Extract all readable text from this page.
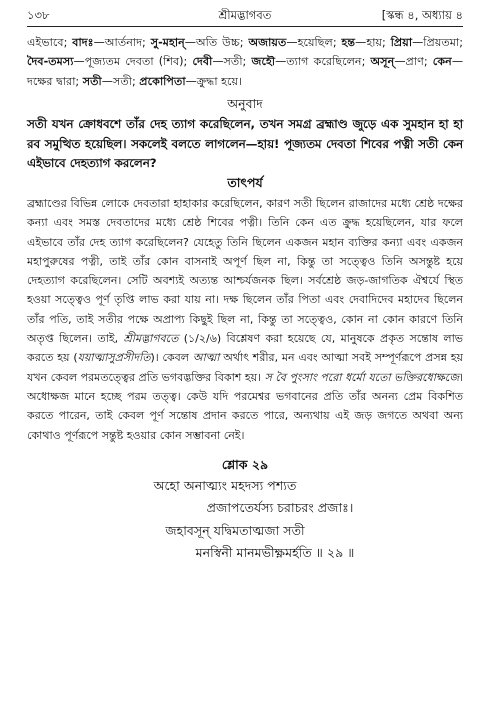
১৩৮	শ্রীমদ্ভাগবত	[স্কন্ধ ৪, অধ্যায় ৪
এইভাবে; বাদঃ—আর্তনাদ; সু-মহান্—অতি উচ্চ; অজায়ত—হয়েছিল; হন্ত—হায়; প্রিয়া—প্রিয়তমা; দৈব-তমস্য—পূজ্যতম দেবতা (শিব); দেবী—সতী; জহৌ—ত্যাগ করেছিলেন; অসূন্—প্রাণ; কেন—দক্ষের দ্বারা; সতী—সতী; প্রকোপিতা—ক্রুদ্ধা হয়ে।
অনুবাদ
সতী যখন ক্রোধবশে তাঁর দেহ ত্যাগ করেছিলেন, তখন সমগ্র ব্রহ্মাণ্ড জুড়ে এক সুমহান হা হা রব সমুত্থিত হয়েছিল। সকলেই বলতে লাগলেন—হায়! পূজ্যতম দেবতা শিবের পত্নী সতী কেন এইভাবে দেহত্যাগ করলেন?
তাৎপর্য
ব্রহ্মাণ্ডের বিভিন্ন লোকে দেবতারা হাহাকার করেছিলেন, কারণ সতী ছিলেন রাজাদের মধ্যে শ্রেষ্ঠ দক্ষের কন্যা এবং সমস্ত দেবতাদের মধ্যে শ্রেষ্ঠ শিবের পত্নী। তিনি কেন এত ক্রুদ্ধ হয়েছিলেন, যার ফলে এইভাবে তাঁর দেহ ত্যাগ করেছিলেন? যেহেতু তিনি ছিলেন একজন মহান ব্যক্তির কন্যা এবং একজন মহাপুরুষের পত্নী, তাই তাঁর কোন বাসনাই অপূর্ণ ছিল না, কিন্তু তা সত্ত্বেও তিনি অসন্তুষ্ট হয়ে দেহত্যাগ করেছিলেন। সেটি অবশ্যই অত্যন্ত আশ্চর্যজনক ছিল। সর্বশ্রেষ্ঠ জড়-জাগতিক ঐশ্বর্যে স্থিত হওয়া সত্ত্বেও পূর্ণ তৃপ্তি লাভ করা যায় না। দক্ষ ছিলেন তাঁর পিতা এবং দেবাদিদেব মহাদেব ছিলেন তাঁর পতি, তাই সতীর পক্ষে অপ্রাপ্য কিছুই ছিল না, কিন্তু তা সত্ত্বেও, কোন না কোন কারণে তিনি অতৃপ্ত ছিলেন। তাই, শ্রীমদ্ভাগবতে (১/২/৬) বিশ্লেষণ করা হয়েছে যে, মানুষকে প্রকৃত সন্তোষ লাভ করতে হয় (যয়াত্মাসুপ্রসীদতি)। কেবল আত্মা অর্থাৎ শরীর, মন এবং আত্মা সবই সম্পূর্ণরূপে প্রসন্ন হয় যখন কেবল পরমতত্ত্বের প্রতি ভগবদ্ভক্তির বিকাশ হয়। স বৈ পুংসাং পরো ধর্মো যতো ভক্তিরধোক্ষজে। অধোক্ষজ মানে হচ্ছে পরম তত্ত্ব। কেউ যদি পরমেশ্বর ভগবানের প্রতি তাঁর অনন্য প্রেম বিকশিত করতে পারেন, তাই কেবল পূর্ণ সন্তোষ প্রদান করতে পারে, অন্যথায় এই জড় জগতে অথবা অন্য কোথাও পূর্ণরূপে সন্তুষ্ট হওয়ার কোন সম্ভাবনা নেই।
শ্লোক ২৯
অহো অনাত্ম্যং মহদস্য পশ্যত
প্রজাপতের্যস্য চরাচরং প্রজাঃ।
জহাবসূন্ যদ্বিমতাত্মজা সতী
মনস্বিনী মানমভীক্ষ্ণমর্হতি ॥ ২৯ ॥
